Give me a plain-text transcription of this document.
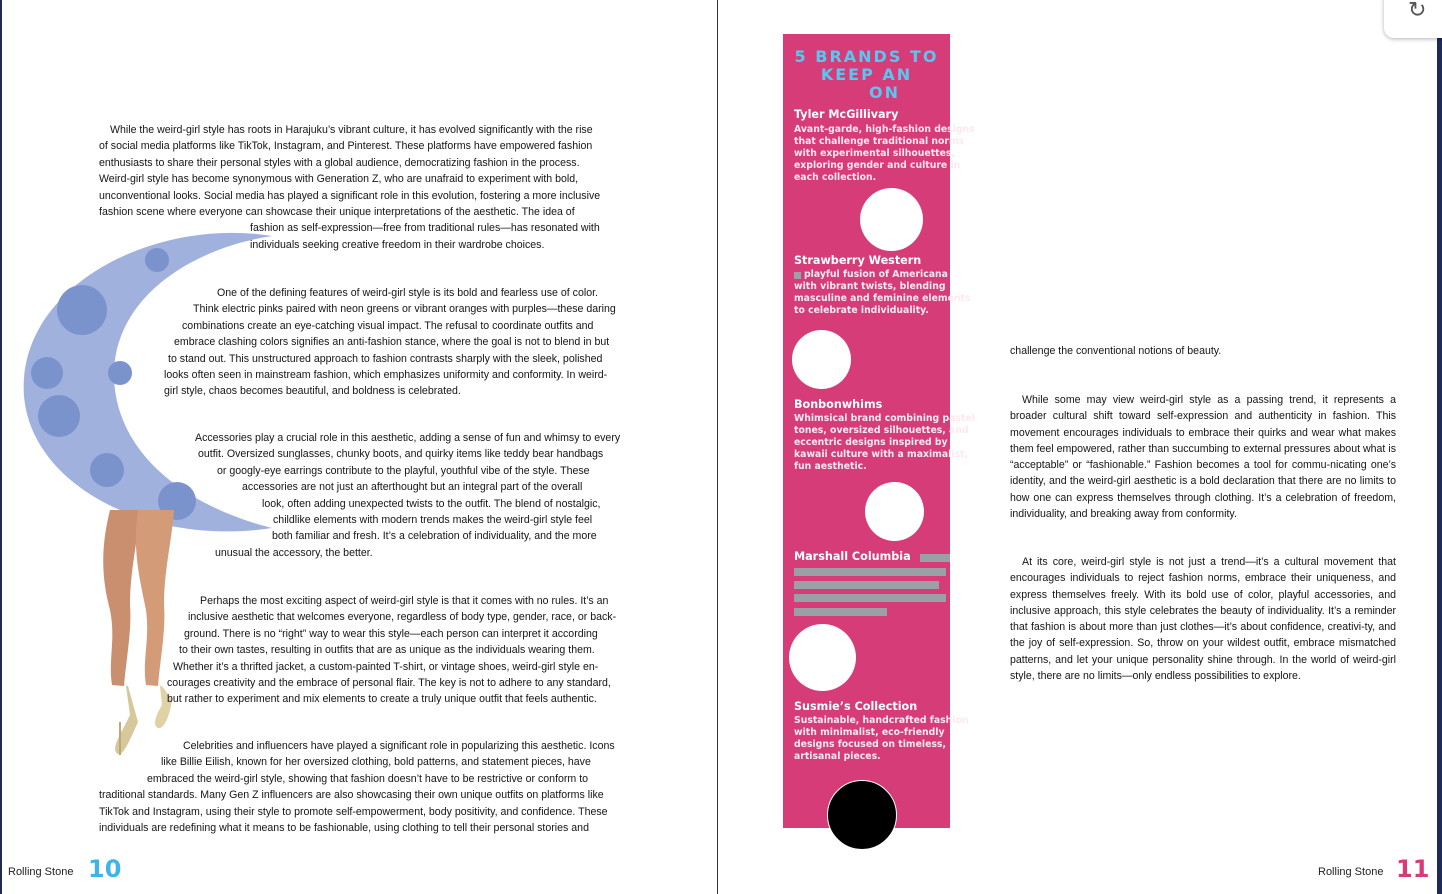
While the weird-girl style has roots in Harajuku’s vibrant culture, it has evolved significantly with the rise
of social media platforms like TikTok, Instagram, and Pinterest. These platforms have empowered fashion
enthusiasts to share their personal styles with a global audience, democratizing fashion in the process.
Weird-girl style has become synonymous with Generation Z, who are unafraid to experiment with bold,
unconventional looks. Social media has played a significant role in this evolution, fostering a more inclusive
fashion scene where everyone can showcase their unique interpretations of the aesthetic. The idea of
fashion as self-expression—free from traditional rules—has resonated with
individuals seeking creative freedom in their wardrobe choices.
One of the defining features of weird-girl style is its bold and fearless use of color.
Think electric pinks paired with neon greens or vibrant oranges with purples—these daring
combinations create an eye-catching visual impact. The refusal to coordinate outfits and
embrace clashing colors signifies an anti-fashion stance, where the goal is not to blend in but
to stand out. This unstructured approach to fashion contrasts sharply with the sleek, polished
looks often seen in mainstream fashion, which emphasizes uniformity and conformity. In weird-
girl style, chaos becomes beautiful, and boldness is celebrated.
Accessories play a crucial role in this aesthetic, adding a sense of fun and whimsy to every
outfit. Oversized sunglasses, chunky boots, and quirky items like teddy bear handbags
or googly-eye earrings contribute to the playful, youthful vibe of the style. These
accessories are not just an afterthought but an integral part of the overall
look, often adding unexpected twists to the outfit. The blend of nostalgic,
childlike elements with modern trends makes the weird-girl style feel
both familiar and fresh. It’s a celebration of individuality, and the more
unusual the accessory, the better.
Perhaps the most exciting aspect of weird-girl style is that it comes with no rules. It’s an
inclusive aesthetic that welcomes everyone, regardless of body type, gender, race, or back-
ground. There is no “right” way to wear this style—each person can interpret it according
to their own tastes, resulting in outfits that are as unique as the individuals wearing them.
Whether it’s a thrifted jacket, a custom-painted T-shirt, or vintage shoes, weird-girl style en-
courages creativity and the embrace of personal flair. The key is not to adhere to any standard,
but rather to experiment and mix elements to create a truly unique outfit that feels authentic.
Celebrities and influencers have played a significant role in popularizing this aesthetic. Icons
like Billie Eilish, known for her oversized clothing, bold patterns, and statement pieces, have
embraced the weird-girl style, showing that fashion doesn’t have to be restrictive or conform to
traditional standards. Many Gen Z influencers are also showcasing their own unique outfits on platforms like
TikTok and Instagram, using their style to promote self-empowerment, body positivity, and confidence. These
individuals are redefining what it means to be fashionable, using clothing to tell their personal stories and
Rolling Stone 10
challenge the conventional notions of beauty.
While some may view weird-girl style as a passing trend, it represents a broader cultural shift toward self-expression and authenticity in fashion. This movement encourages individuals to embrace their quirks and wear what makes them feel empowered, rather than succumbing to external pressures about what is “acceptable” or “fashionable.” Fashion becomes a tool for commu-nicating one’s identity, and the weird-girl aesthetic is a bold declaration that there are no limits to how one can express themselves through clothing. It’s a celebration of freedom, individuality, and breaking away from conformity.
At its core, weird-girl style is not just a trend—it’s a cultural movement that encourages individuals to reject fashion norms, embrace their uniqueness, and express themselves freely. With its bold use of color, playful accessories, and inclusive approach, this style celebrates the beauty of individuality. It’s a reminder that fashion is about more than just clothes—it’s about confidence, creativi-ty, and the joy of self-expression. So, throw on your wildest outfit, embrace mismatched patterns, and let your unique personality shine through. In the world of weird-girl style, there are no limits—only endless possibilities to explore.
Rolling Stone 11
5 BRANDS TO
KEEP AN
ON
Tyler McGillivary
Avant-garde, high-fashion designs
that challenge traditional norms
with experimental silhouettes,
exploring gender and culture in
each collection.
Strawberry Western
playful fusion of Americana
with vibrant twists, blending
masculine and feminine elements
to celebrate individuality.
Bonbonwhims
Whimsical brand combining pastel
tones, oversized silhouettes, and
eccentric designs inspired by
kawaii culture with a maximalist,
fun aesthetic.
Marshall Columbia
Susmie’s Collection
Sustainable, handcrafted fashion
with minimalist, eco-friendly
designs focused on timeless,
artisanal pieces.
↻
